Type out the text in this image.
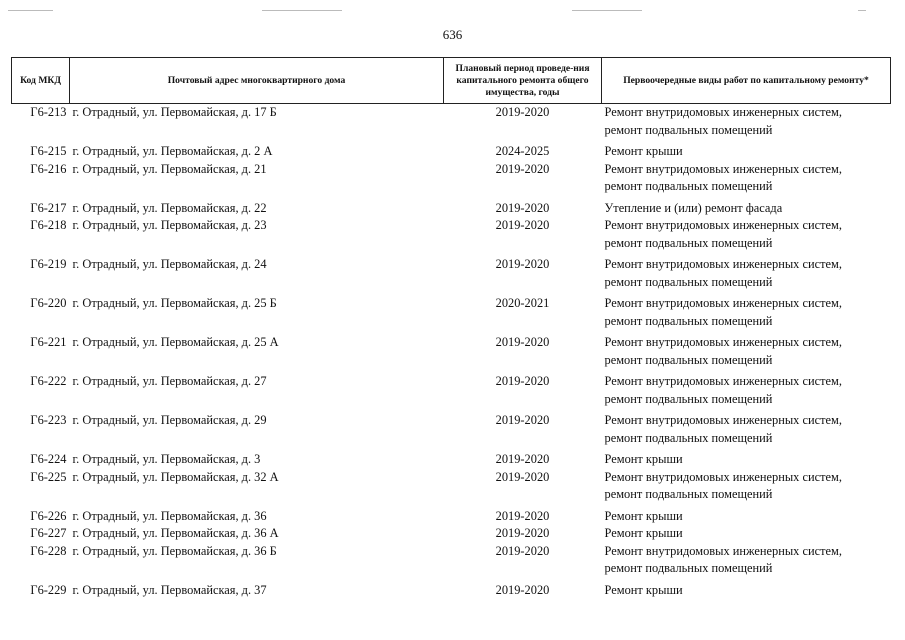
636
Код МКД	Почтовый адрес многоквартирного дома	Плановый период проведе-ния капитального ремонта общего имущества, годы	Первоочередные виды работ по капитальному ремонту*
Г6-213	г. Отрадный, ул. Первомайская, д. 17 Б	2019-2020	Ремонт внутридомовых инженерных систем,
ремонт подвальных помещений

Г6-215	г. Отрадный, ул. Первомайская, д. 2 А	2024-2025	Ремонт крыши

Г6-216	г. Отрадный, ул. Первомайская, д. 21	2019-2020	Ремонт внутридомовых инженерных систем,
ремонт подвальных помещений

Г6-217	г. Отрадный, ул. Первомайская, д. 22	2019-2020	Утепление и (или) ремонт фасада

Г6-218	г. Отрадный, ул. Первомайская, д. 23	2019-2020	Ремонт внутридомовых инженерных систем,
ремонт подвальных помещений

Г6-219	г. Отрадный, ул. Первомайская, д. 24	2019-2020	Ремонт внутридомовых инженерных систем,
ремонт подвальных помещений

Г6-220	г. Отрадный, ул. Первомайская, д. 25 Б	2020-2021	Ремонт внутридомовых инженерных систем,
ремонт подвальных помещений

Г6-221	г. Отрадный, ул. Первомайская, д. 25 А	2019-2020	Ремонт внутридомовых инженерных систем,
ремонт подвальных помещений

Г6-222	г. Отрадный, ул. Первомайская, д. 27	2019-2020	Ремонт внутридомовых инженерных систем,
ремонт подвальных помещений

Г6-223	г. Отрадный, ул. Первомайская, д. 29	2019-2020	Ремонт внутридомовых инженерных систем,
ремонт подвальных помещений

Г6-224	г. Отрадный, ул. Первомайская, д. 3	2019-2020	Ремонт крыши

Г6-225	г. Отрадный, ул. Первомайская, д. 32 А	2019-2020	Ремонт внутридомовых инженерных систем,
ремонт подвальных помещений

Г6-226	г. Отрадный, ул. Первомайская, д. 36	2019-2020	Ремонт крыши

Г6-227	г. Отрадный, ул. Первомайская, д. 36 А	2019-2020	Ремонт крыши

Г6-228	г. Отрадный, ул. Первомайская, д. 36 Б	2019-2020	Ремонт внутридомовых инженерных систем,
ремонт подвальных помещений

Г6-229	г. Отрадный, ул. Первомайская, д. 37	2019-2020	Ремонт крыши
